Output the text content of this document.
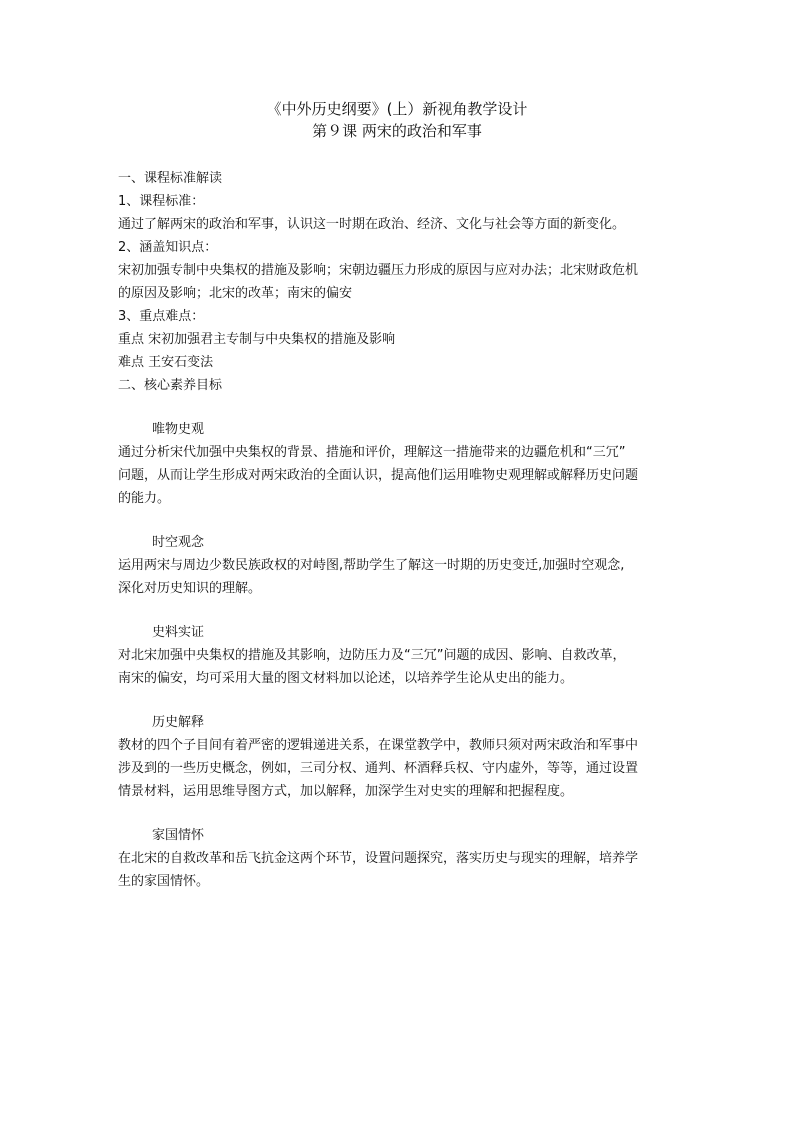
《中外历史纲要》(上）新视角教学设计
第９课 两宋的政治和军事
一、课程标准解读
1、课程标准：
通过了解两宋的政治和军事，认识这一时期在政治、经济、文化与社会等方面的新变化。
2、涵盖知识点：
宋初加强专制中央集权的措施及影响；宋朝边疆压力形成的原因与应对办法；北宋财政危机
的原因及影响；北宋的改革；南宋的偏安
3、重点难点：
重点 宋初加强君主专制与中央集权的措施及影响
难点 王安石变法
二、核心素养目标
唯物史观
通过分析宋代加强中央集权的背景、措施和评价，理解这一措施带来的边疆危机和“三冗”
问题，从而让学生形成对两宋政治的全面认识，提高他们运用唯物史观理解或解释历史问题
的能力。
时空观念
运用两宋与周边少数民族政权的对峙图,帮助学生了解这一时期的历史变迁,加强时空观念,
深化对历史知识的理解。
史料实证
对北宋加强中央集权的措施及其影响，边防压力及“三冗”问题的成因、影响、自救改革，
南宋的偏安，均可采用大量的图文材料加以论述，以培养学生论从史出的能力。
历史解释
教材的四个子目间有着严密的逻辑递进关系，在课堂教学中，教师只须对两宋政治和军事中
涉及到的一些历史概念，例如，三司分权、通判、杯酒释兵权、守内虚外，等等，通过设置
情景材料，运用思维导图方式，加以解释，加深学生对史实的理解和把握程度。
家国情怀
在北宋的自救改革和岳飞抗金这两个环节，设置问题探究，落实历史与现实的理解，培养学
生的家国情怀。
